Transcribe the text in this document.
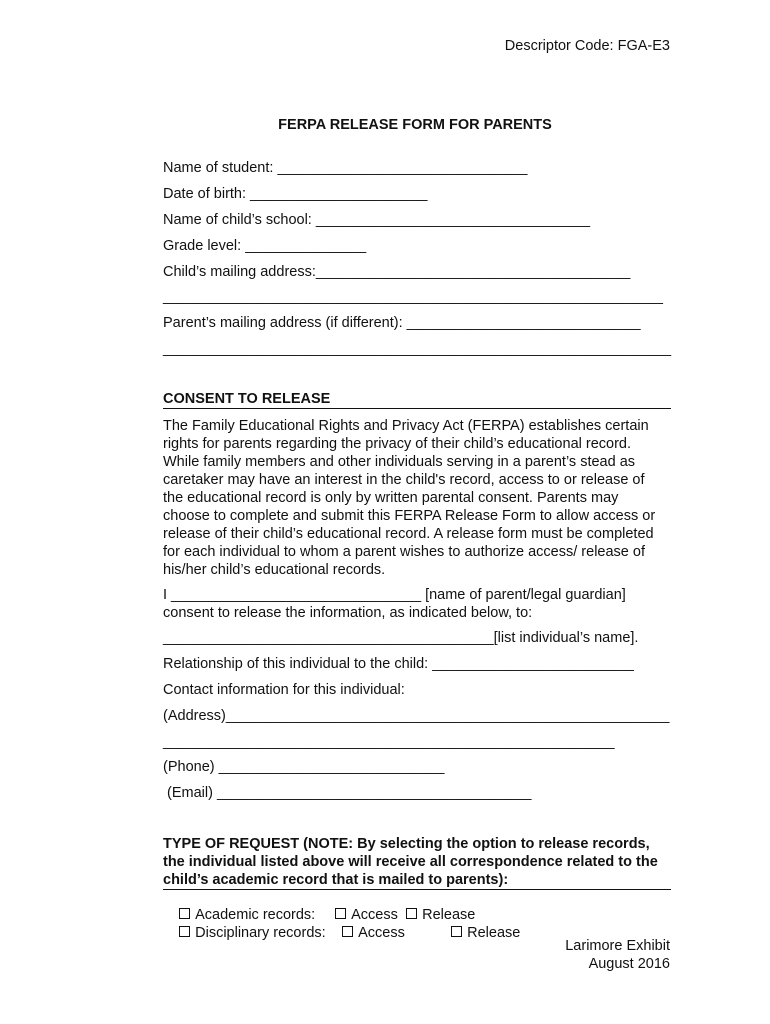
Descriptor Code: FGA-E3
FERPA RELEASE FORM FOR PARENTS
Name of student: _______________________________
Date of birth: ______________________
Name of child’s school: __________________________________
Grade level: _______________
Child’s mailing address:_______________________________________
______________________________________________________________
Parent’s mailing address (if different): _____________________________
_______________________________________________________________
CONSENT TO RELEASE
The Family Educational Rights and Privacy Act (FERPA) establishes certain rights for parents regarding the privacy of their child’s educational record. While family members and other individuals serving in a parent’s stead as caretaker may have an interest in the child's record, access to or release of the educational record is only by written parental consent. Parents may choose to complete and submit this FERPA Release Form to allow access or release of their child’s educational record. A release form must be completed for each individual to whom a parent wishes to authorize access/ release of his/her child’s educational records.
I _______________________________ [name of parent/legal guardian]
consent to release the information, as indicated below, to:
_________________________________________[list individual’s name].
Relationship of this individual to the child: _________________________
Contact information for this individual:
(Address)_______________________________________________________
________________________________________________________
(Phone) ____________________________
(Email) _______________________________________
TYPE OF REQUEST (NOTE: By selecting the option to release records, the individual listed above will receive all correspondence related to the child’s academic record that is mailed to parents):

Academic records:
	Access
	Release

Disciplinary records:
	Access
	Release

Larimore Exhibit
August 2016
